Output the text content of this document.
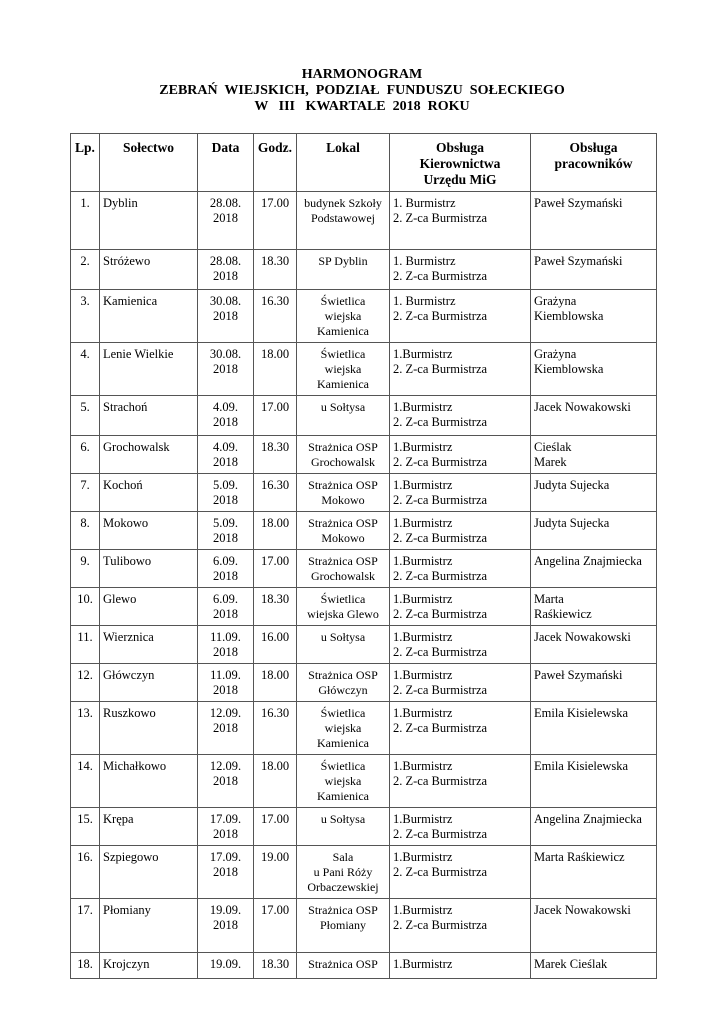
HARMONOGRAM
ZEBRAŃ  WIEJSKICH,  PODZIAŁ  FUNDUSZU  SOŁECKIEGO
W   III   KWARTALE  2018  ROKU
Lp.	Sołectwo	Data	Godz.	Lokal	Obsługa
Kierownictwa
Urzędu MiG	Obsługa
pracowników

1.	Dyblin	28.08.
2018	17.00	budynek Szkoły
Podstawowej	1. Burmistrz
2. Z-ca Burmistrza	Paweł Szymański

2.	Stróżewo	28.08.
2018	18.30	SP Dyblin	1. Burmistrz
2. Z-ca Burmistrza	Paweł Szymański

3.	Kamienica	30.08.
2018	16.30	Świetlica
wiejska
Kamienica	1. Burmistrz
2. Z-ca Burmistrza	Grażyna
Kiemblowska

4.	Lenie Wielkie	30.08.
2018	18.00	Świetlica
wiejska
Kamienica	1.Burmistrz
2. Z-ca Burmistrza	Grażyna
Kiemblowska

5.	Strachoń	4.09.
2018	17.00	u Sołtysa	1.Burmistrz
2. Z-ca Burmistrza	Jacek Nowakowski

6.	Grochowalsk	4.09.
2018	18.30	Strażnica OSP
Grochowalsk	1.Burmistrz
2. Z-ca Burmistrza	Cieślak
Marek

7.	Kochoń	5.09.
2018	16.30	Strażnica OSP
Mokowo	1.Burmistrz
2. Z-ca Burmistrza	Judyta Sujecka

8.	Mokowo	5.09.
2018	18.00	Strażnica OSP
Mokowo	1.Burmistrz
2. Z-ca Burmistrza	Judyta Sujecka

9.	Tulibowo	6.09.
2018	17.00	Strażnica OSP
Grochowalsk	1.Burmistrz
2. Z-ca Burmistrza	Angelina Znajmiecka

10.	Glewo	6.09.
2018	18.30	Świetlica
wiejska Glewo	1.Burmistrz
2. Z-ca Burmistrza	Marta
Raśkiewicz

11.	Wierznica	11.09.
2018	16.00	u Sołtysa	1.Burmistrz
2. Z-ca Burmistrza	Jacek Nowakowski

12.	Główczyn	11.09.
2018	18.00	Strażnica OSP
Główczyn	1.Burmistrz
2. Z-ca Burmistrza	Paweł Szymański

13.	Ruszkowo	12.09.
2018	16.30	Świetlica
wiejska
Kamienica	1.Burmistrz
2. Z-ca Burmistrza	Emila Kisielewska

14.	Michałkowo	12.09.
2018	18.00	Świetlica
wiejska
Kamienica	1.Burmistrz
2. Z-ca Burmistrza	Emila Kisielewska

15.	Krępa	17.09.
2018	17.00	u Sołtysa	1.Burmistrz
2. Z-ca Burmistrza	Angelina Znajmiecka

16.	Szpiegowo	17.09.
2018	19.00	Sala
u Pani Róży
Orbaczewskiej	1.Burmistrz
2. Z-ca Burmistrza	Marta Raśkiewicz

17.	Płomiany	19.09.
2018	17.00	Strażnica OSP
Płomiany	1.Burmistrz
2. Z-ca Burmistrza	Jacek Nowakowski

18.	Krojczyn	19.09.	18.30	Strażnica OSP	1.Burmistrz	Marek Cieślak
